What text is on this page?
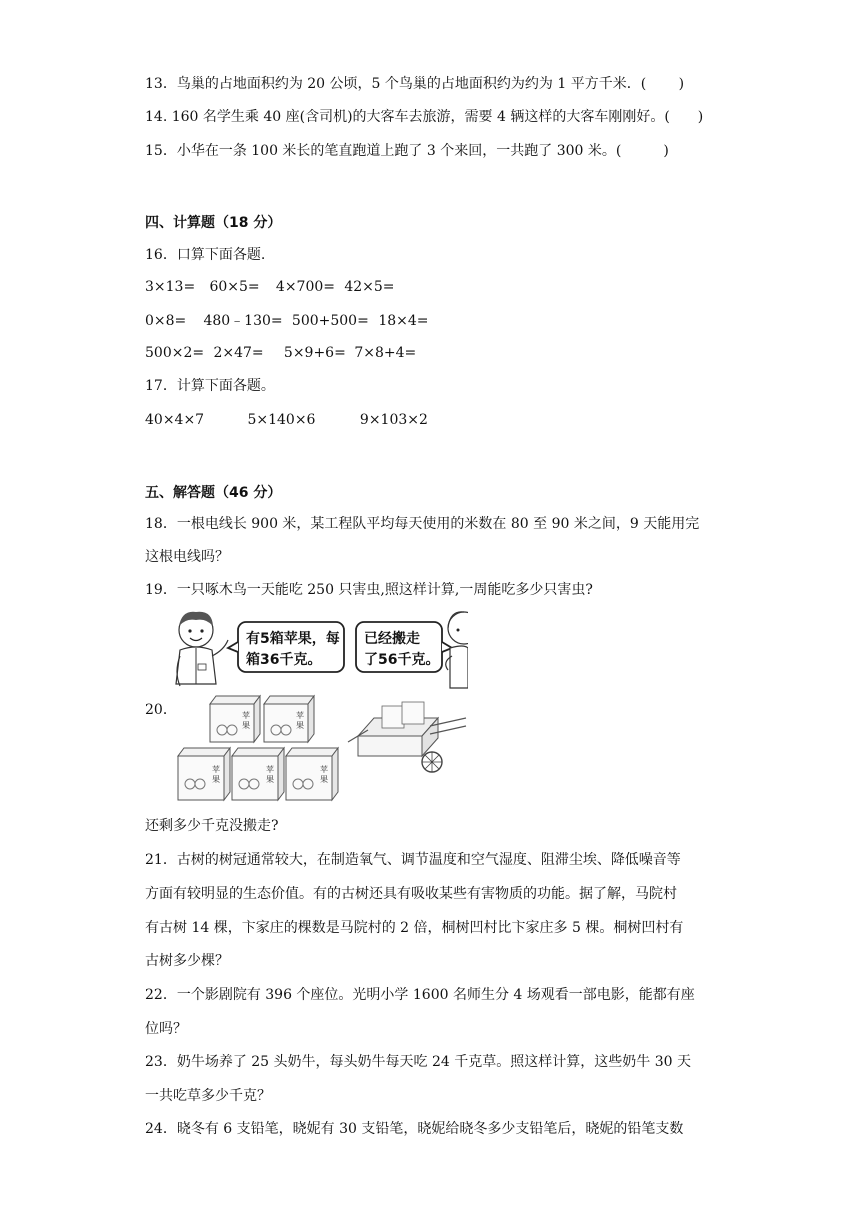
13．鸟巢的占地面积约为 20 公顷，5 个鸟巢的占地面积约为约为 1 平方千米．(　　 )
14. 160 名学生乘 40 座(含司机)的大客车去旅游，需要 4 辆这样的大客车刚刚好。(　　)
15．小华在一条 100 米长的笔直跑道上跑了 3 个来回，一共跑了 300 米。(　　　)
四、计算题（18 分）
16．口算下面各题.
3×13= 60×5= 4×700= 42×5=
0×8= 480﹣130= 500+500= 18×4=
500×2= 2×47= 5×9+6= 7×8+4=
17．计算下面各题。
40×4×7	5×140×6	9×103×2
五、解答题（46 分）
18．一根电线长 900 米，某工程队平均每天使用的米数在 80 至 90 米之间，9 天能用完
这根电线吗？
19．一只啄木鸟一天能吃 250 只害虫,照这样计算,一周能吃多少只害虫?
20．
有5箱苹果，每
箱36千克。
已经搬走
了56千克。
苹
果
苹
果
苹
果
苹
果
苹
果
还剩多少千克没搬走?
21．古树的树冠通常较大，在制造氧气、调节温度和空气湿度、阻滞尘埃、降低噪音等
方面有较明显的生态价值。有的古树还具有吸收某些有害物质的功能。据了解，马院村
有古树 14 棵，卞家庄的棵数是马院村的 2 倍，桐树凹村比卞家庄多 5 棵。桐树凹村有
古树多少棵？
22．一个影剧院有 396 个座位。光明小学 1600 名师生分 4 场观看一部电影，能都有座
位吗？
23．奶牛场养了 25 头奶牛，每头奶牛每天吃 24 千克草。照这样计算，这些奶牛 30 天
一共吃草多少千克？
24．晓冬有 6 支铅笔，晓妮有 30 支铅笔，晓妮给晓冬多少支铅笔后，晓妮的铅笔支数
